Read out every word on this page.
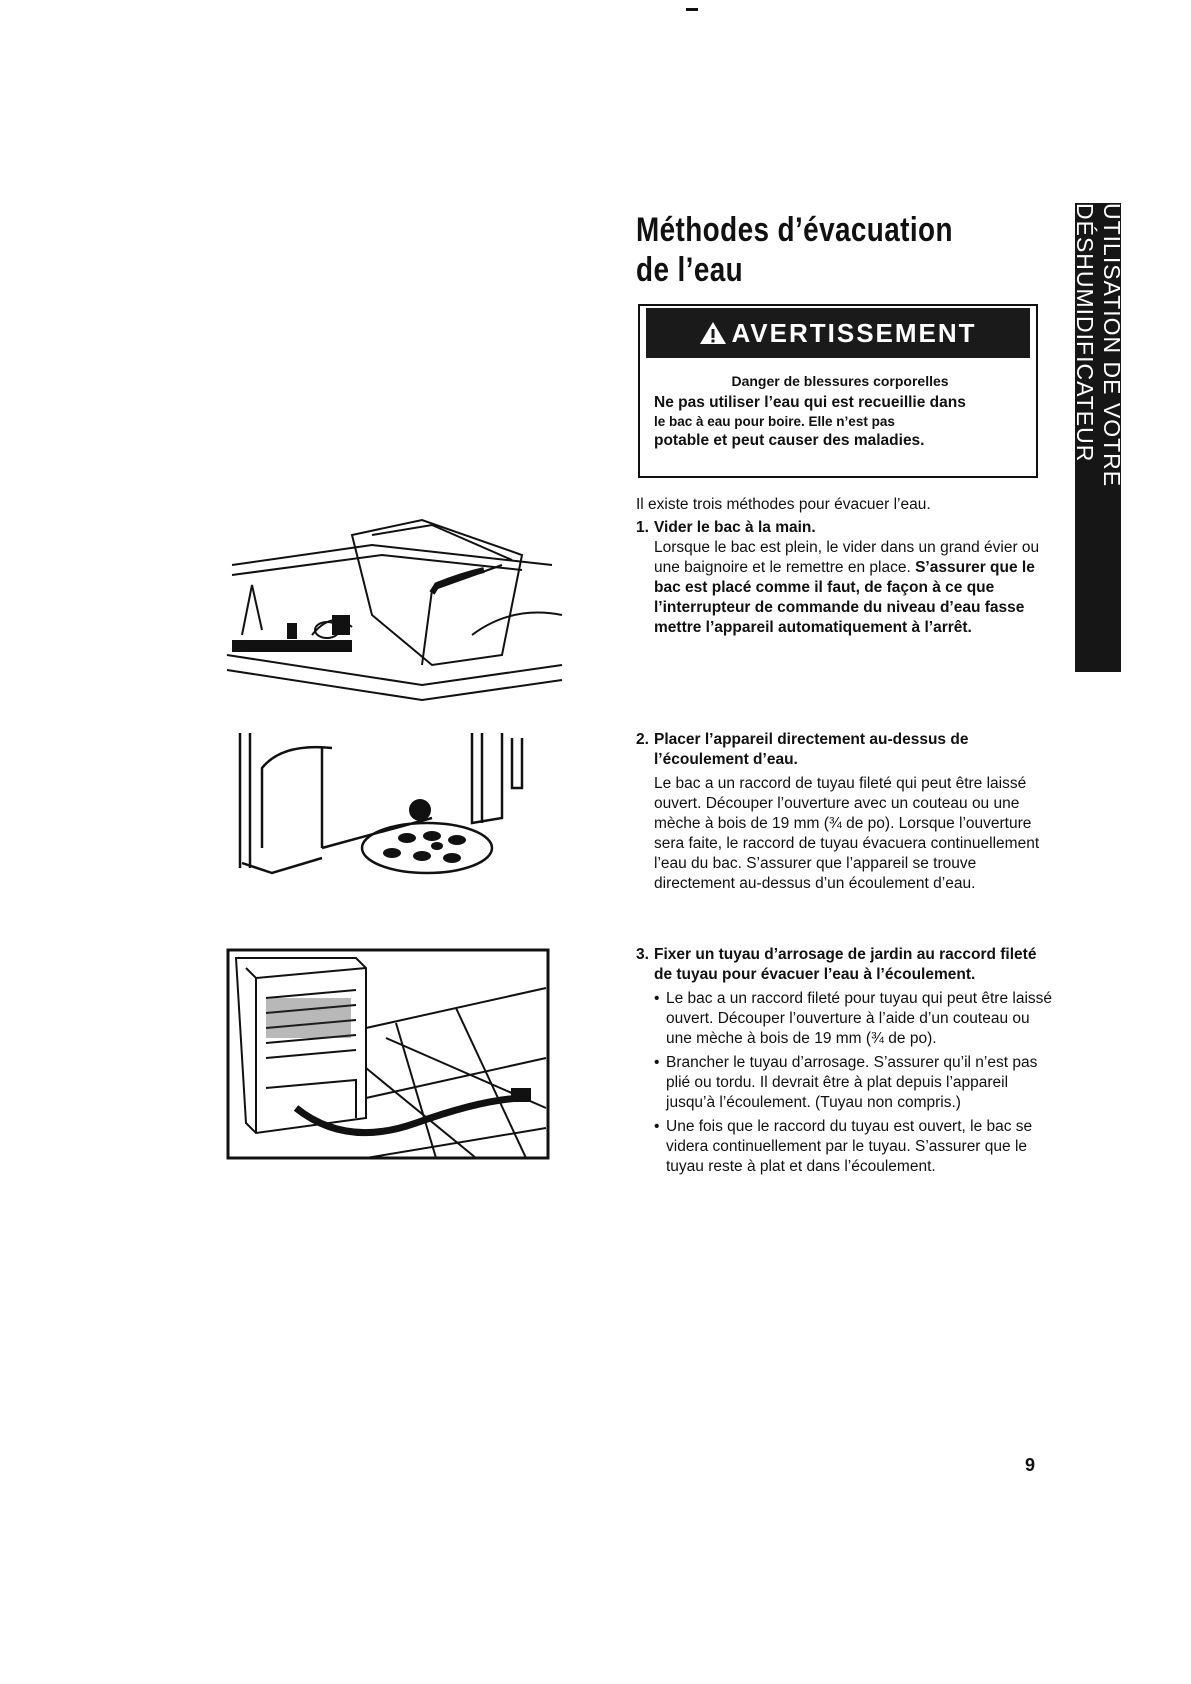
Méthodes d’évacuation de l’eau
AVERTISSEMENT
Danger de blessures corporelles
Ne pas utiliser l’eau qui est recueillie dans
le bac à eau pour boire. Elle n’est pas
potable et peut causer des maladies.
Il existe trois méthodes pour évacuer l’eau.
1. Vider le bac à la main.
Lorsque le bac est plein, le vider dans un grand évier ou une baignoire et le remettre en place. S’assurer que le bac est placé comme il faut, de façon à ce que l’interrupteur de commande du niveau d’eau fasse mettre l’appareil automatiquement à l’arrêt.
2. Placer l’appareil directement au-dessus de l’écoulement d’eau.
Le bac a un raccord de tuyau fileté qui peut être laissé ouvert. Découper l’ouverture avec un couteau ou une mèche à bois de 19 mm (¾ de po). Lorsque l’ouverture sera faite, le raccord de tuyau évacuera continuellement l’eau du bac. S’assurer que l’appareil se trouve directement au-dessus d’un écoulement d’eau.
3. Fixer un tuyau d’arrosage de jardin au raccord fileté de tuyau pour évacuer l’eau à l’écoulement.
• Le bac a un raccord fileté pour tuyau qui peut être laissé ouvert. Découper l’ouverture à l’aide d’un couteau ou une mèche à bois de 19 mm (¾ de po).
• Brancher le tuyau d’arrosage. S’assurer qu’il n’est pas plié ou tordu. Il devrait être à plat depuis l’appareil jusqu’à l’écoulement. (Tuyau non compris.)
• Une fois que le raccord du tuyau est ouvert, le bac se videra continuellement par le tuyau. S’assurer que le tuyau reste à plat et dans l’écoulement.
UTILISATION DE VOTRE DÉSHUMIDIFICATEUR
9
